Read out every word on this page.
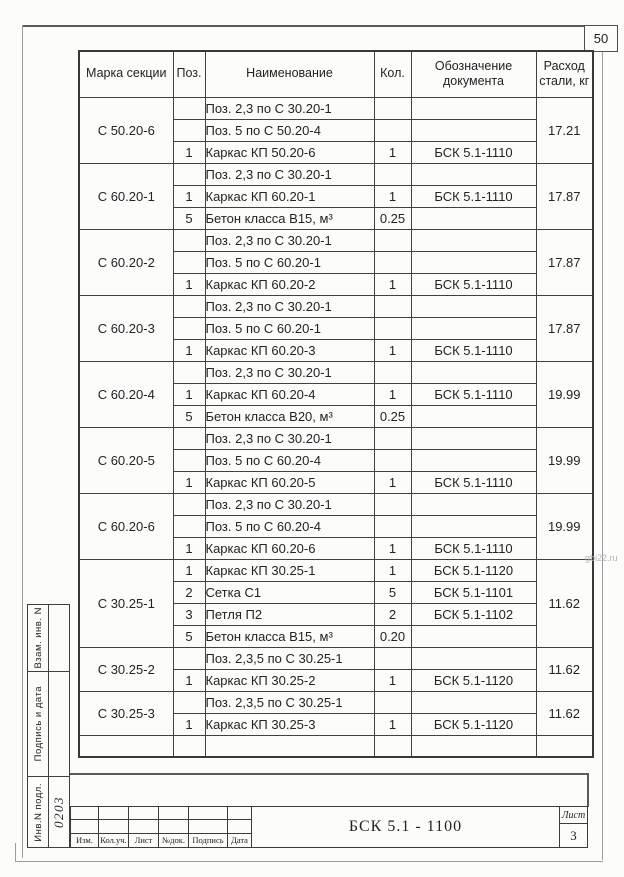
50
Марка секции	Поз.	Наименование	Кол.	Обозначение документа	Расход стали, кг
С 50.20-6		Поз. 2,3 по С 30.20-1			17.21
		Поз. 5 по С 50.20-4			
	1	Каркас КП 50.20-6	1	БСК 5.1-1110	
С 60.20-1		Поз. 2,3 по С 30.20-1			17.87
	1	Каркас КП 60.20-1	1	БСК 5.1-1110	
	5	Бетон класса В15, м³	0.25		
С 60.20-2		Поз. 2,3 по С 30.20-1			17.87
		Поз. 5 по С 60.20-1			
	1	Каркас КП 60.20-2	1	БСК 5.1-1110	
С 60.20-3		Поз. 2,3 по С 30.20-1			17.87
		Поз. 5 по С 60.20-1			
	1	Каркас КП 60.20-3	1	БСК 5.1-1110	
С 60.20-4		Поз. 2,3 по С 30.20-1			19.99
	1	Каркас КП 60.20-4	1	БСК 5.1-1110	
	5	Бетон класса В20, м³	0.25		
С 60.20-5		Поз. 2,3 по С 30.20-1			19.99
		Поз. 5 по С 60.20-4			
	1	Каркас КП 60.20-5	1	БСК 5.1-1110	
С 60.20-6		Поз. 2,3 по С 30.20-1			19.99
		Поз. 5 по С 60.20-4			
	1	Каркас КП 60.20-6	1	БСК 5.1-1110	
С 30.25-1	1	Каркас КП 30.25-1	1	БСК 5.1-1120	11.62
	2	Сетка С1	5	БСК 5.1-1101	
	3	Петля П2	2	БСК 5.1-1102	
	5	Бетон класса В15, м³	0.20		
С 30.25-2		Поз. 2,3,5 по С 30.25-1			11.62
	1	Каркас КП 30.25-2	1	БСК 5.1-1120	
С 30.25-3		Поз. 2,3,5 по С 30.25-1			11.62
	1	Каркас КП 30.25-3	1	БСК 5.1-1120	

Взам. инв. N
Подпись и дата
Инв.N подл. 0203
Изм. Кол.уч. Лист	№док. Подпись Дата
БСК 5.1 - 1100
Лист
3
gbi22.ru
